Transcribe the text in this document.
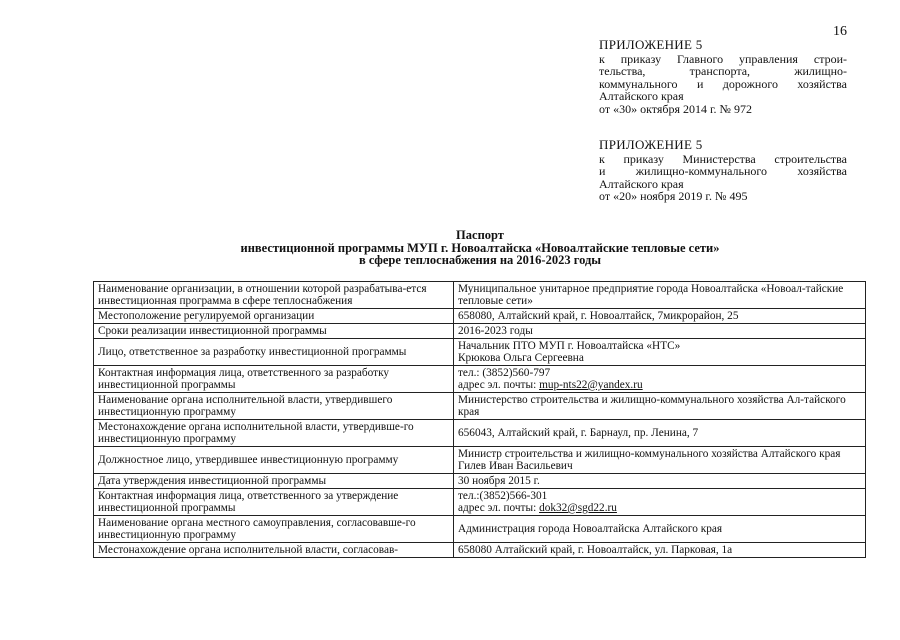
16
ПРИЛОЖЕНИЕ 5
к приказу Главного управления строи-
тельства, транспорта, жилищно-
коммунального и дорожного хозяйства
Алтайского края
от «30» октября 2014 г. № 972
ПРИЛОЖЕНИЕ 5
к приказу Министерства строительства
и жилищно-коммунального хозяйства
Алтайского края
от «20» ноября 2019 г. № 495
Паспорт
инвестиционной программы МУП г. Новоалтайска «Новоалтайские тепловые сети»
в сфере теплоснабжения на 2016-2023 годы
Наименование организации, в отношении которой разрабатыва-ется инвестиционная программа в сфере теплоснабжения	Муниципальное унитарное предприятие города Новоалтайска «Новоал-тайские тепловые сети»
Местоположение регулируемой организации	658080, Алтайский край, г. Новоалтайск, 7микрорайон, 25
Сроки реализации инвестиционной программы	2016-2023 годы
Лицо, ответственное за разработку инвестиционной программы	Начальник ПТО МУП г. Новоалтайска «НТС»
Крюкова Ольга Сергеевна

Контактная информация лица, ответственного за разработку инвестиционной программы	тел.: (3852)560-797
адрес эл. почты: mup-nts22@yandex.ru

Наименование органа исполнительной власти, утвердившего инвестиционную программу	Министерство строительства и жилищно-коммунального хозяйства Ал-тайского края
Местонахождение органа исполнительной власти, утвердивше-го инвестиционную программу	656043, Алтайский край, г. Барнаул, пр. Ленина, 7
Должностное лицо, утвердившее инвестиционную программу	Министр строительства и жилищно-коммунального хозяйства Алтайского края Гилев Иван Васильевич
Дата утверждения инвестиционной программы	30 ноября 2015 г.
Контактная информация лица, ответственного за утверждение инвестиционной программы	тел.:(3852)566-301
адрес эл. почты: dok32@sgd22.ru

Наименование органа местного самоуправления, согласовавше-го инвестиционную программу	Администрация города Новоалтайска Алтайского края
Местонахождение органа исполнительной власти, согласовав-	658080 Алтайский край, г. Новоалтайск, ул. Парковая, 1а
